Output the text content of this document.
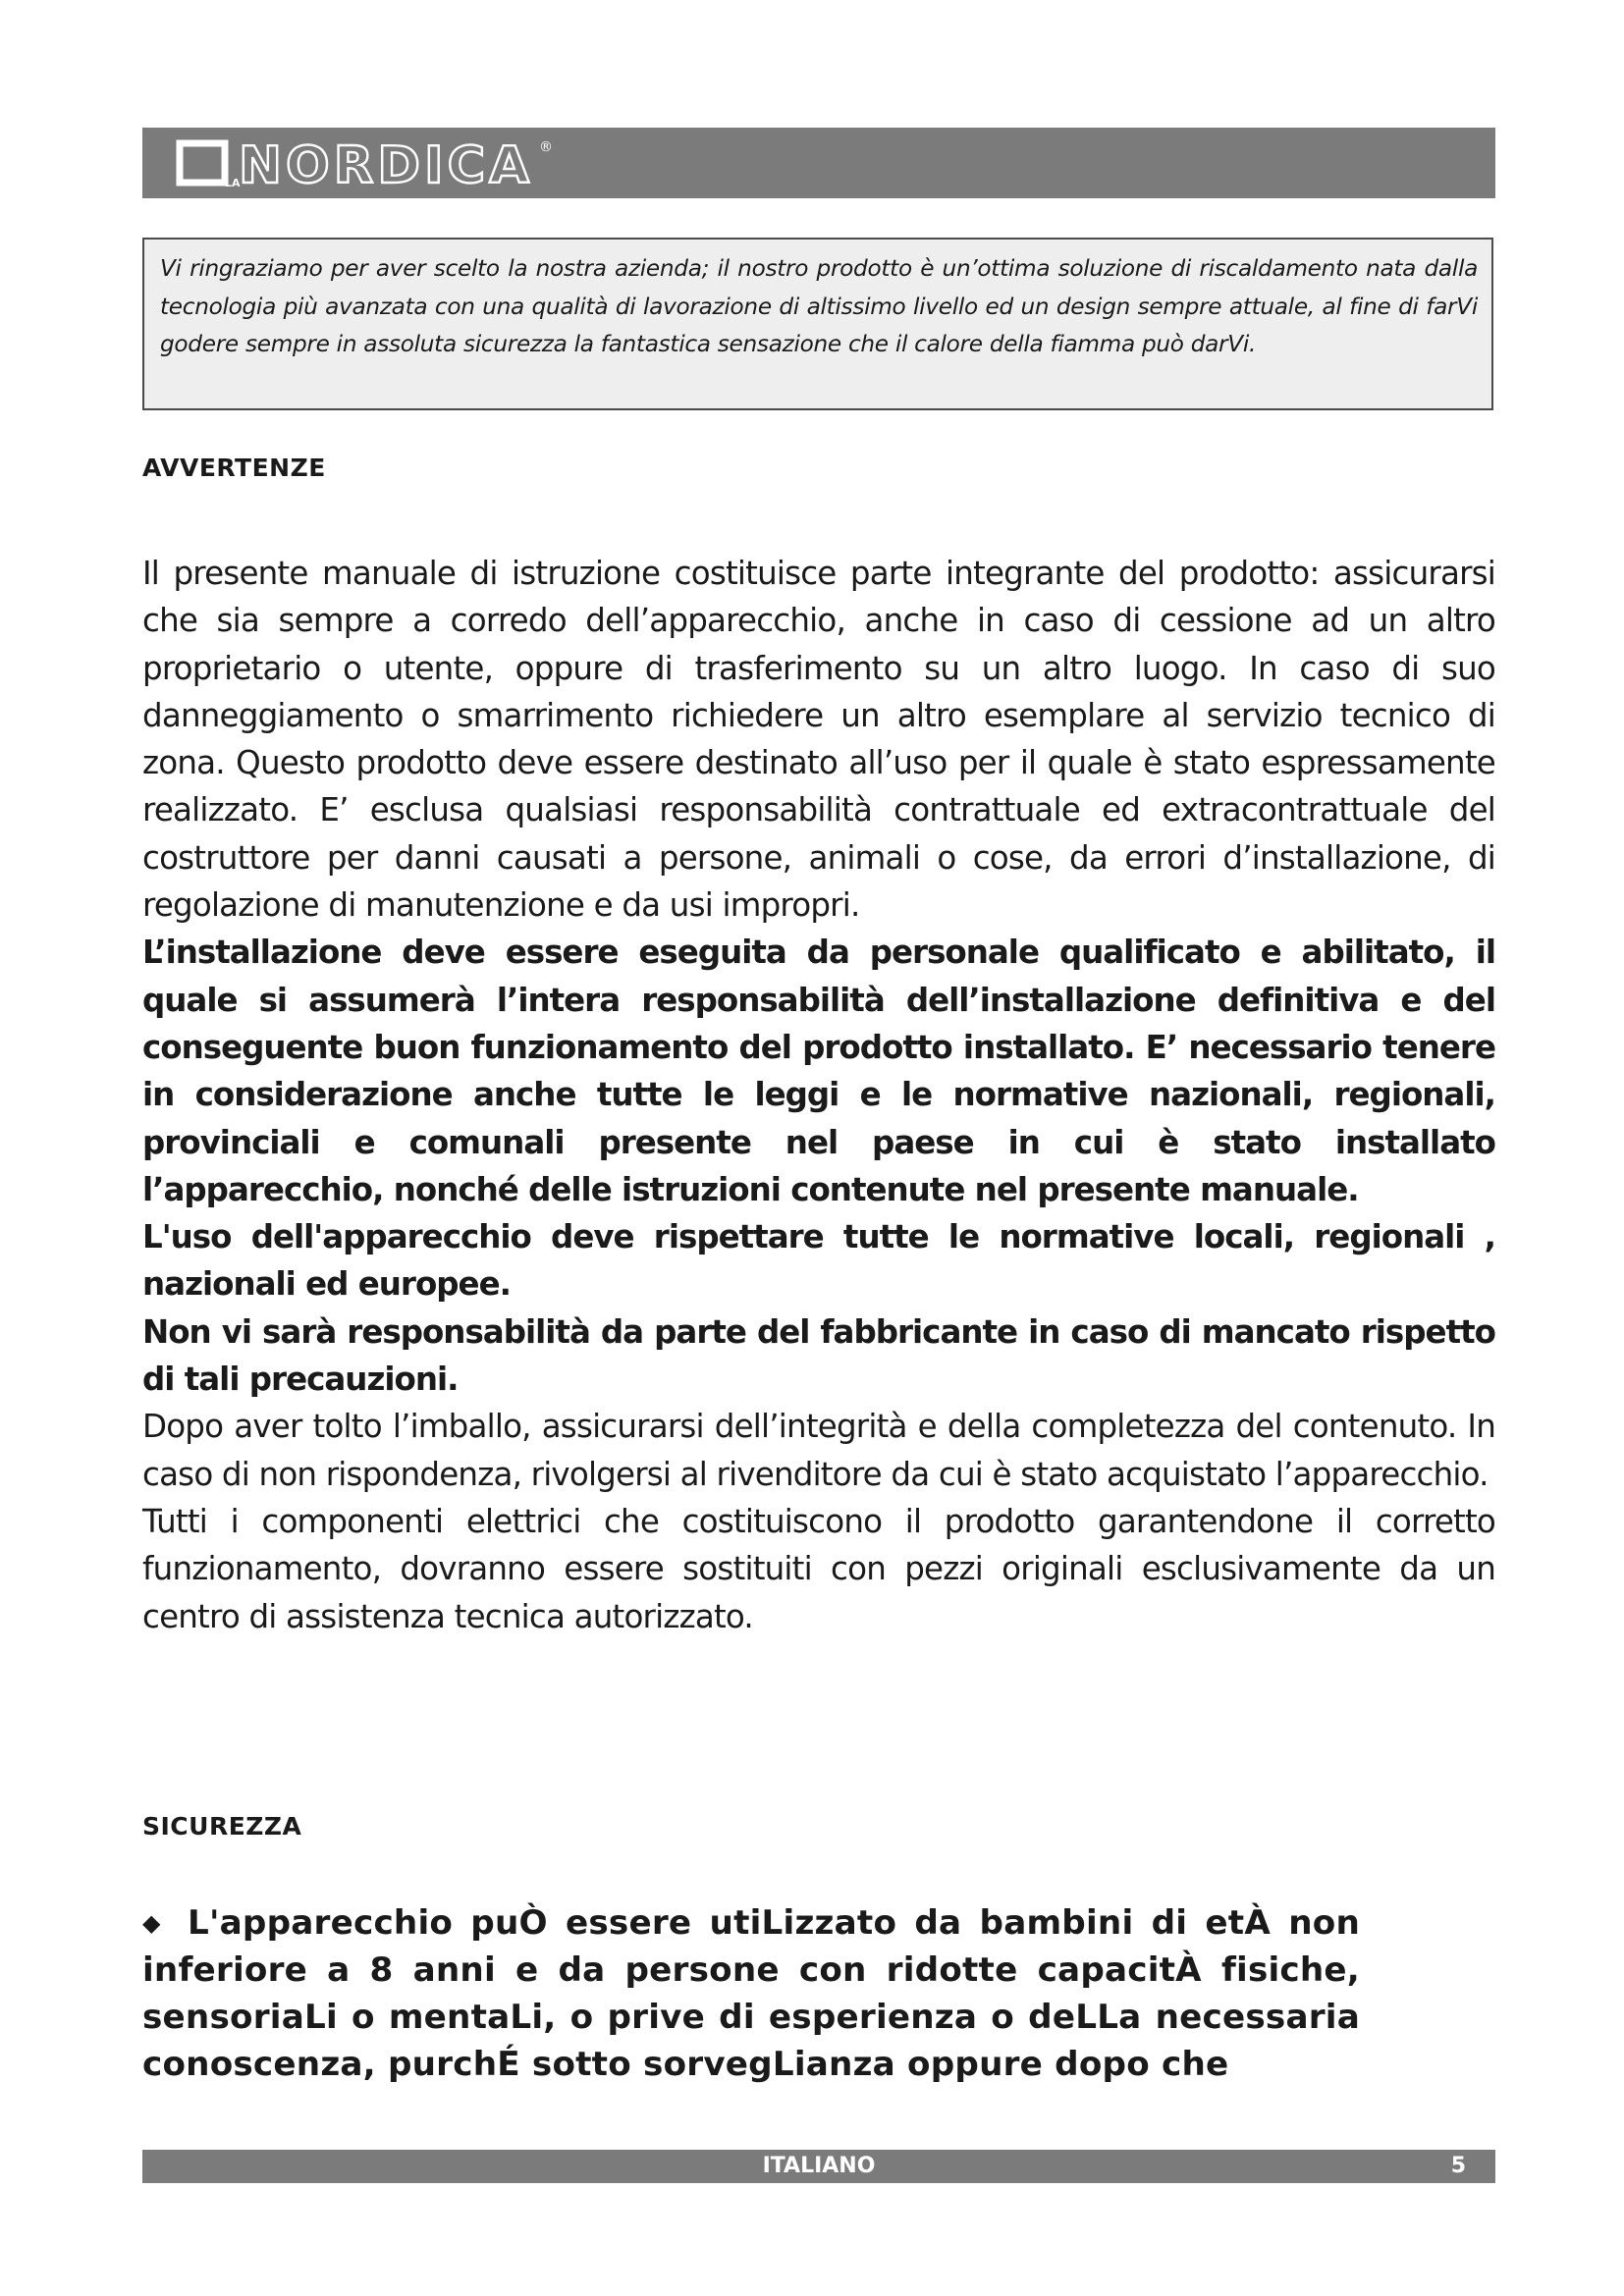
LA
NORDICA ®

Vi ringraziamo per aver scelto la nostra azienda; il nostro prodotto è un’ottima soluzione di riscaldamento nata dalla tecnologia più avanzata con una qualità di lavorazione di altissimo livello ed un design sempre attuale, al fine di farVi godere sempre in assoluta sicurezza la fantastica sensazione che il calore della fiamma può darVi.

AVVERTENZE

Il presente manuale di istruzione costituisce parte integrante del prodotto: assicurarsi che sia sempre a corredo dell’apparecchio, anche in caso di cessione ad un altro proprietario o utente, oppure di trasferimento su un altro luogo. In caso di suo danneggiamento o smarrimento richiedere un altro esemplare al servizio tecnico di zona. Questo prodotto deve essere destinato all’uso per il quale è stato espressamente realizzato. E’ esclusa qualsiasi responsabilità contrattuale ed extracontrattuale del costruttore per danni causati a persone, animali o cose, da errori d’installazione, di regolazione di manutenzione e da usi impropri.

L’installazione deve essere eseguita da personale qualificato e abilitato, il quale si assumerà l’intera responsabilità dell’installazione definitiva e del conseguente buon funzionamento del prodotto installato. E’ necessario tenere in considerazione anche tutte le leggi e le normative nazionali, regionali, provinciali e comunali presente nel paese in cui è stato installato l’apparecchio, nonché delle istruzioni contenute nel presente manuale.

L'uso dell'apparecchio deve rispettare tutte le normative locali, regionali , nazionali ed europee.

Non vi sarà responsabilità da parte del fabbricante in caso di mancato rispetto di tali precauzioni.

Dopo aver tolto l’imballo, assicurarsi dell’integrità e della completezza del contenuto. In caso di non rispondenza, rivolgersi al rivenditore da cui è stato acquistato l’apparecchio.

Tutti i componenti elettrici che costituiscono il prodotto garantendone il corretto funzionamento, dovranno essere sostituiti con pezzi originali esclusivamente da un centro di assistenza tecnica autorizzato.

SICUREZZA

◆ L'apparecchio puÒ essere utiLizzato da bambini di etÀ non inferiore a 8 anni e da persone con ridotte capacitÀ fisiche, sensoriaLi o mentaLi, o prive di esperienza o deLLa necessaria conoscenza, purchÉ sotto sorvegLianza oppure dopo che

ITALIANO	5
